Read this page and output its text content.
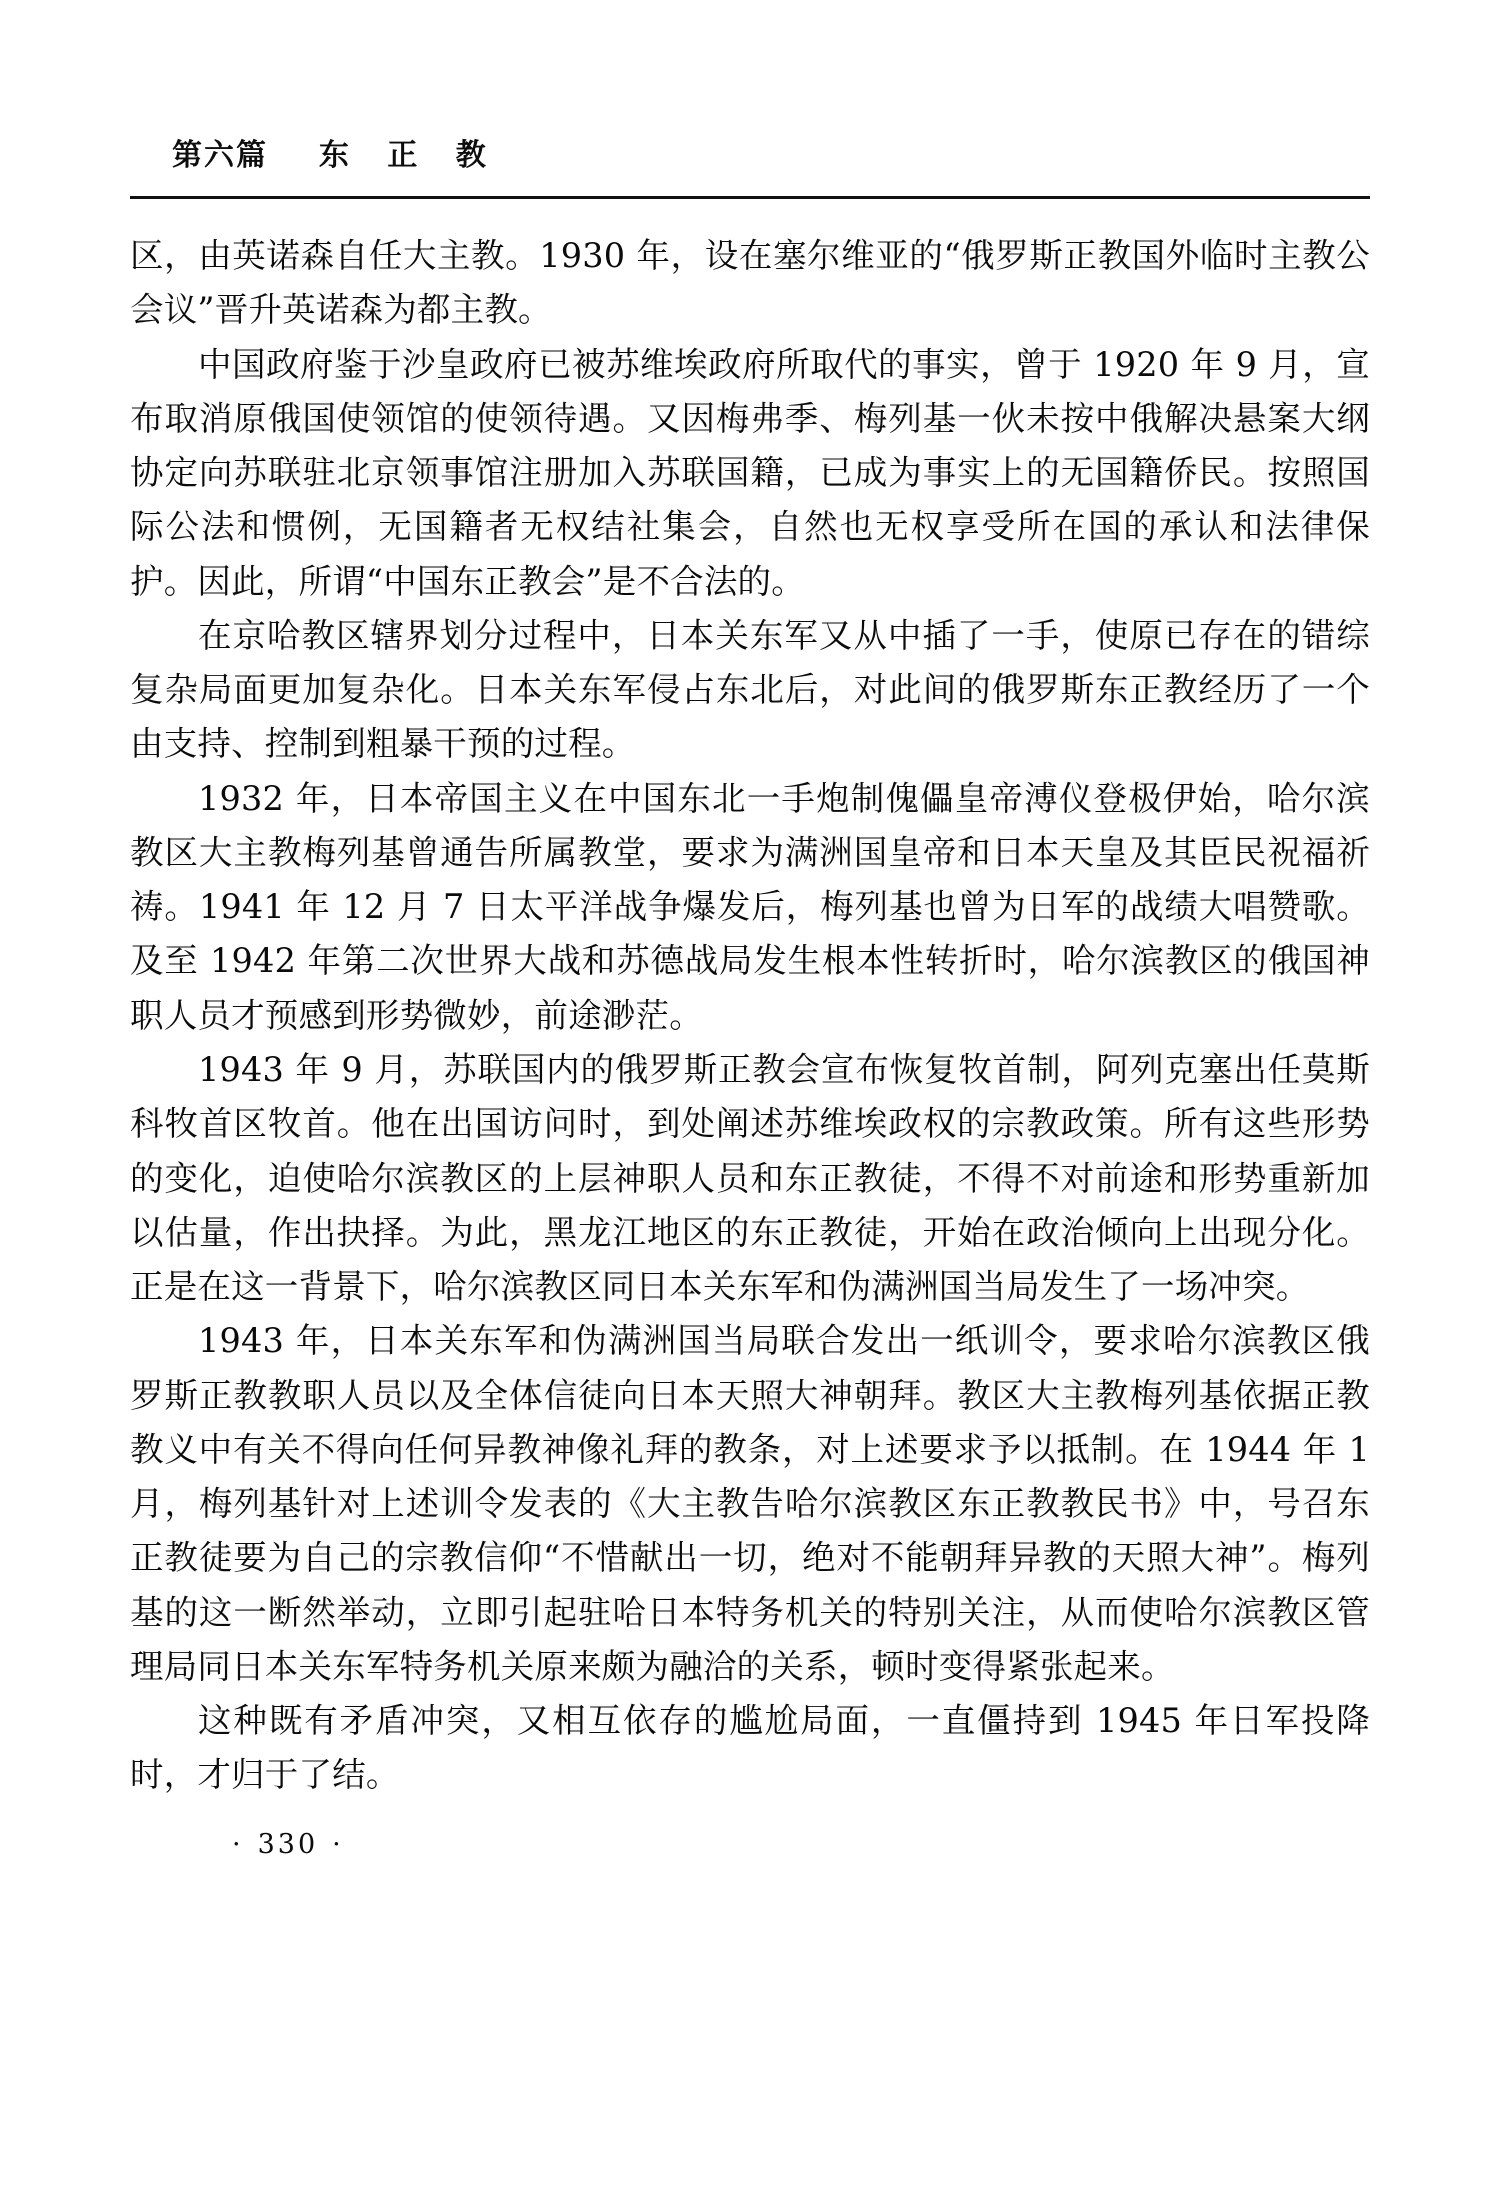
第六篇 东 正 教

区，由英诺森自任大主教。1930 年，设在塞尔维亚的“俄罗斯正教国外临时主教公会议”晋升英诺森为都主教。

中国政府鉴于沙皇政府已被苏维埃政府所取代的事实，曾于 1920 年 9 月，宣布取消原俄国使领馆的使领待遇。又因梅弗季、梅列基一伙未按中俄解决悬案大纲协定向苏联驻北京领事馆注册加入苏联国籍，已成为事实上的无国籍侨民。按照国际公法和惯例，无国籍者无权结社集会，自然也无权享受所在国的承认和法律保护。因此，所谓“中国东正教会”是不合法的。

在京哈教区辖界划分过程中，日本关东军又从中插了一手，使原已存在的错综复杂局面更加复杂化。日本关东军侵占东北后，对此间的俄罗斯东正教经历了一个由支持、控制到粗暴干预的过程。

1932 年，日本帝国主义在中国东北一手炮制傀儡皇帝溥仪登极伊始，哈尔滨教区大主教梅列基曾通告所属教堂，要求为满洲国皇帝和日本天皇及其臣民祝福祈祷。1941 年 12 月 7 日太平洋战争爆发后，梅列基也曾为日军的战绩大唱赞歌。及至 1942 年第二次世界大战和苏德战局发生根本性转折时，哈尔滨教区的俄国神职人员才预感到形势微妙，前途渺茫。

1943 年 9 月，苏联国内的俄罗斯正教会宣布恢复牧首制，阿列克塞出任莫斯科牧首区牧首。他在出国访问时，到处阐述苏维埃政权的宗教政策。所有这些形势的变化，迫使哈尔滨教区的上层神职人员和东正教徒，不得不对前途和形势重新加以估量，作出抉择。为此，黑龙江地区的东正教徒，开始在政治倾向上出现分化。正是在这一背景下，哈尔滨教区同日本关东军和伪满洲国当局发生了一场冲突。

1943 年，日本关东军和伪满洲国当局联合发出一纸训令，要求哈尔滨教区俄罗斯正教教职人员以及全体信徒向日本天照大神朝拜。教区大主教梅列基依据正教教义中有关不得向任何异教神像礼拜的教条，对上述要求予以抵制。在 1944 年 1 月，梅列基针对上述训令发表的《大主教告哈尔滨教区东正教教民书》中，号召东正教徒要为自己的宗教信仰“不惜献出一切，绝对不能朝拜异教的天照大神”。梅列基的这一断然举动，立即引起驻哈日本特务机关的特别关注，从而使哈尔滨教区管理局同日本关东军特务机关原来颇为融洽的关系，顿时变得紧张起来。

这种既有矛盾冲突，又相互依存的尴尬局面，一直僵持到 1945 年日军投降时，才归于了结。

· 330 ·
